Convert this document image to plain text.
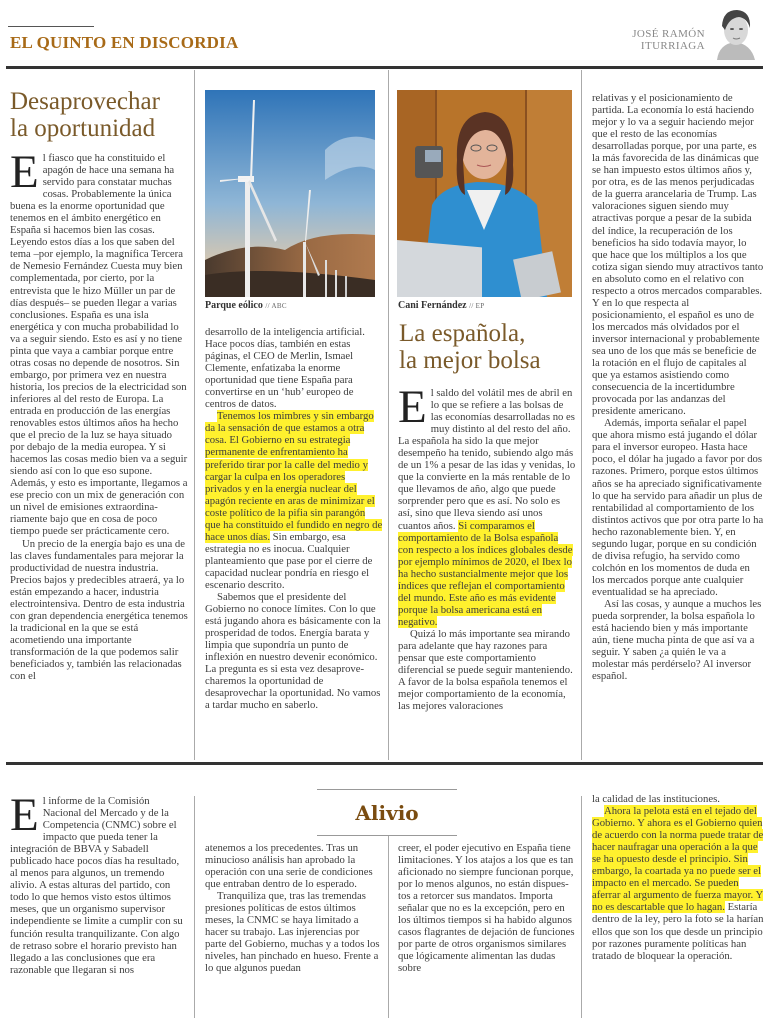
EL QUINTO EN DISCORDIA	JOSÉ RAMÓN
ITURRIAGA
Desaprovechar
la oportunidad

El fiasco que ha constituido el apagón de hace una semana ha servido para constatar muchas cosas. Probablemente la única buena es la enorme oportunidad que tenemos en el ámbito energético en España si hacemos bien las cosas. Leyendo estos días a los que saben del tema –por ejemplo, la magnífica Tercera de Nemesio Fernández Cuesta muy bien complementada, por cierto, por la entrevista que le hizo Müller un par de días después– se pueden llegar a varias conclusiones. España es una isla energética y con mucha probabilidad lo va a seguir siendo. Esto es así y no tiene pinta que vaya a cambiar porque entre otras cosas no depende de nosotros. Sin embargo, por primera vez en nuestra historia, los precios de la electricidad son inferiores al del resto de Europa. La entrada en producción de las energías renovables estos últimos años ha hecho que el precio de la luz se haya situado por debajo de la media europea. Y si hacemos las cosas medio bien va a seguir siendo así con lo que eso supone. Además, y esto es importante, llegamos a ese precio con un mix de generación con un nivel de emisiones extraordinariamente bajo que en cosa de poco tiempo puede ser prácticamente cero.

Un precio de la energía bajo es una de las claves fundamentales para mejorar la productividad de nuestra industria. Precios bajos y predecibles atraerá, ya lo están empezando a hacer, industria electrointensiva. Dentro de esta industria con gran dependencia energética tenemos la tradicional en la que se está acometiendo una importante transformación de la que podemos salir beneficiados y, también las relacionadas con el

Parque eólico // ABC

desarrollo de la inteligencia artificial. Hace pocos días, también en estas páginas, el CEO de Merlin, Ismael Clemente, enfatizaba la enorme oportunidad que tiene España para convertirse en un ‘hub’ europeo de centros de datos.

Tenemos los mimbres y sin embargo da la sensación de que estamos a otra cosa. El Gobierno en su estrategia permanente de enfrentamiento ha preferido tirar por la calle del medio y cargar la culpa en los operadores privados y en la energía nuclear del apagón reciente en aras de minimizar el coste político de la pifia sin parangón que ha constituido el fundido en negro de hace unos días. Sin embargo, esa estrategia no es inocua. Cualquier planteamiento que pase por el cierre de capacidad nuclear pondría en riesgo el escenario descrito.

Sabemos que el presidente del Gobierno no conoce límites. Con lo que está jugando ahora es básicamente con la prosperidad de todos. Energía barata y limpia que supondría un punto de inflexión en nuestro devenir económico. La pregunta es si esta vez desaprovecharemos la oportunidad de desaprovechar la oportunidad. No vamos a tardar mucho en saberlo.

Cani Fernández // EP
La española,
la mejor bolsa

El saldo del volátil mes de abril en lo que se refiere a las bolsas de las economías desarrolladas no es muy distinto al del resto del año. La española ha sido la que mejor desempeño ha tenido, subiendo algo más de un 1% a pesar de las idas y venidas, lo que la convierte en la más rentable de lo que llevamos de año, algo que puede sorprender pero que es así. No solo es así, sino que lleva siendo así unos cuantos años. Si comparamos el comportamiento de la Bolsa española con respecto a los índices globales desde por ejemplo mínimos de 2020, el Ibex lo ha hecho sustancialmente mejor que los índices que reflejan el comportamiento del mundo. Este año es más evidente porque la bolsa americana está en negativo.

Quizá lo más importante sea mirando para adelante que hay razones para pensar que este comportamiento diferencial se puede seguir manteniendo. A favor de la bolsa española tenemos el mejor comportamiento de la economía, las mejores valoraciones

relativas y el posicionamiento de partida. La economía lo está haciendo mejor y lo va a seguir haciendo mejor que el resto de las economías desarrolladas porque, por una parte, es la más favorecida de las dinámicas que se han impuesto estos últimos años y, por otra, es de las menos perjudicadas de la guerra arancelaria de Trump. Las valoraciones siguen siendo muy atractivas porque a pesar de la subida del índice, la recuperación de los beneficios ha sido todavía mayor, lo que hace que los múltiplos a los que cotiza sigan siendo muy atractivos tanto en absoluto como en el relativo con respecto a otros mercados comparables. Y en lo que respecta al posicionamiento, el español es uno de los mercados más olvidados por el inversor internacional y probablemente sea uno de los que más se beneficie de la rotación en el flujo de capitales al que ya estamos asistiendo como consecuencia de la incertidumbre provocada por las andanzas del presidente americano.

Además, importa señalar el papel que ahora mismo está jugando el dólar para el inversor europeo. Hasta hace poco, el dólar ha jugado a favor por dos razones. Primero, porque estos últimos años se ha apreciado significativamente lo que ha servido para añadir un plus de rentabilidad al comportamiento de los distintos activos que por otra parte lo ha hecho razonablemente bien. Y, en segundo lugar, porque en su condición de divisa refugio, ha servido como colchón en los momentos de duda en los mercados porque ante cualquier eventualidad se ha apreciado.

Así las cosas, y aunque a muchos les pueda sorprender, la bolsa española lo está haciendo bien y más importante aún, tiene mucha pinta de que así va a seguir. Y saben ¿a quién le va a molestar más perdérselo? Al inversor español.

Alivio

El informe de la Comisión Nacional del Mercado y de la Competencia (CNMC) sobre el impacto que pueda tener la integración de BBVA y Sabadell publicado hace pocos días ha resultado, al menos para algunos, un tremendo alivio. A estas alturas del partido, con todo lo que hemos visto estos últimos meses, que un organismo supervisor independiente se limite a cumplir con su función resulta tranquilizante. Con algo de retraso sobre el horario previsto han llegado a las conclusiones que era razonable que llegaran si nos

atenemos a los precedentes. Tras un minucioso análisis han aprobado la operación con una serie de condiciones que entraban dentro de lo esperado.

Tranquiliza que, tras las tremendas presiones políticas de estos últimos meses, la CNMC se haya limitado a hacer su trabajo. Las injerencias por parte del Gobierno, muchas y a todos los niveles, han pinchado en hueso. Frente a lo que algunos puedan

creer, el poder ejecutivo en España tiene limitaciones. Y los atajos a los que es tan aficionado no siempre funcionan porque, por lo menos algunos, no están dispuestos a retorcer sus mandatos. Importa señalar que no es la excepción, pero en los últimos tiempos si ha habido algunos casos flagrantes de dejación de funciones por parte de otros organismos similares que lógicamente alimentan las dudas sobre

la calidad de las instituciones.

Ahora la pelota está en el tejado del Gobierno. Y ahora es el Gobierno quien de acuerdo con la norma puede tratar de hacer naufragar una operación a la que se ha opuesto desde el principio. Sin embargo, la coartada ya no puede ser el impacto en el mercado. Se pueden aferrar al argumento de fuerza mayor. Y no es descartable que lo hagan. Estaría dentro de la ley, pero la foto se la harían ellos que son los que desde un principio por razones puramente políticas han tratado de bloquear la operación.
